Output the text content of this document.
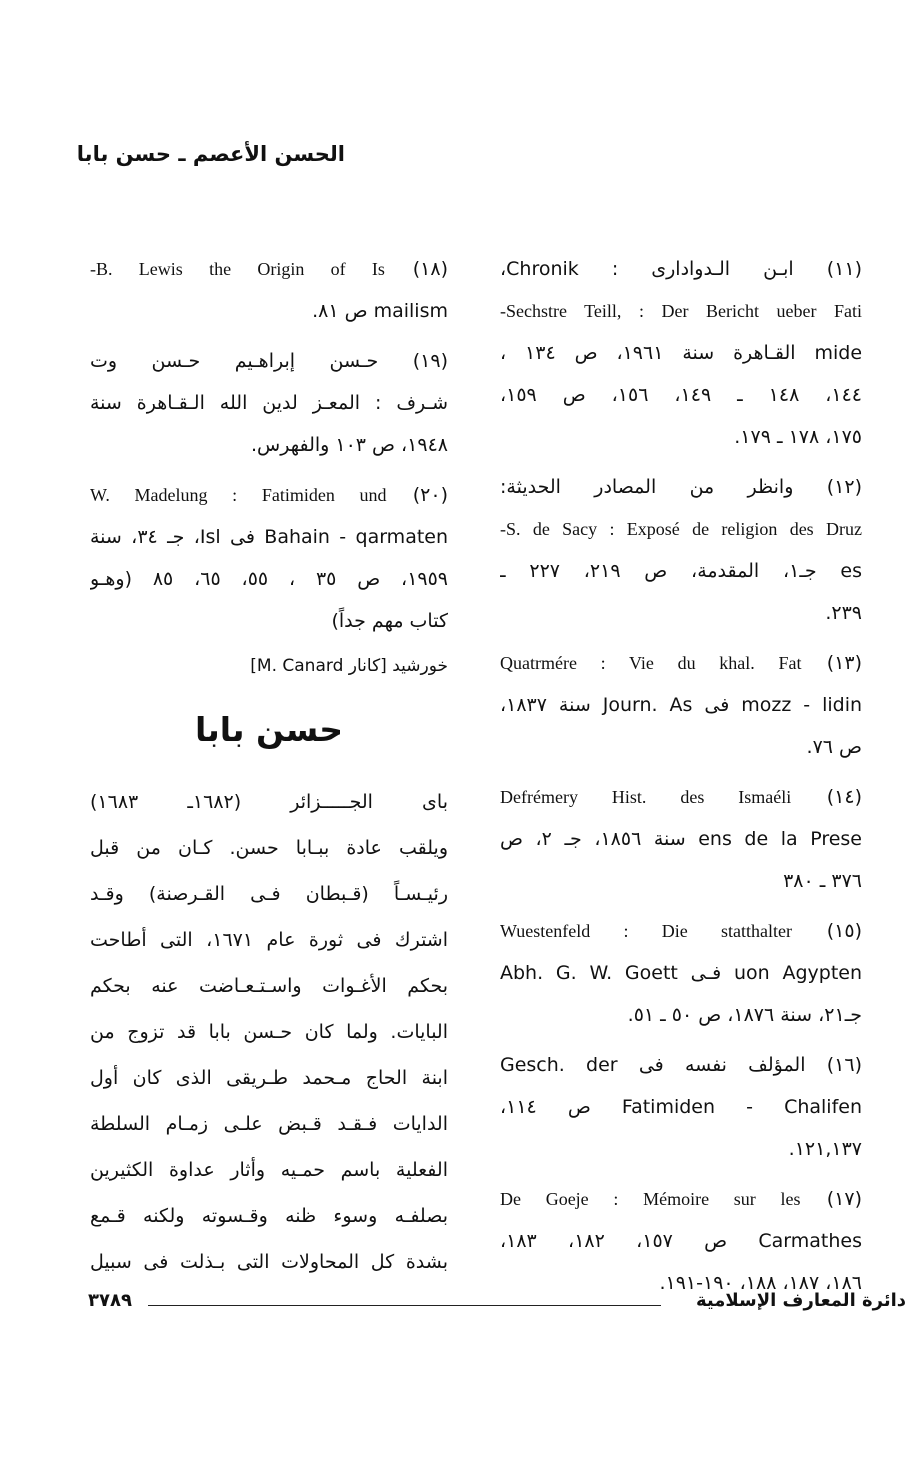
الحسن الأعصم ـ حسن بابا
(١١) ابـن الـدوادارى : Chronik،
Sechstre Teill, : Der Bericht ueber Fati-
mide القـاهرة سنة ١٩٦١، ص ١٣٤ ،
١٤٤، ١٤٨ ـ ١٤٩، ١٥٦، ص ١٥٩،
١٧٥، ١٧٨ ـ ١٧٩.
(١٢) وانظر من المصادر الحديثة:
S. de Sacy : Exposé de religion des Druz-
es جـ١، المقدمة، ص ٢١٩، ٢٢٧ ـ
٢٣٩.
(١٣) Quatrmére : Vie du khal. Fat
mozz - lidin فى Journ. As سنة ١٨٣٧،
ص ٧٦.
(١٤) Defrémery Hist. des Ismaéli
ens de la Prese سنة ١٨٥٦، جـ ٢، ص
٣٧٦ ـ ٣٨٠
(١٥) Wuestenfeld : Die statthalter
uon Agypten فـى Abh. G. W. Goett
جـ٢١، سنة ١٨٧٦، ص ٥٠ ـ ٥١.
(١٦) المؤلف نفسه فى Gesch. der
Fatimiden - Chalifen ص ١١٤،
١٢١,١٣٧.
(١٧) De Goeje : Mémoire sur les
Carmathes ص ١٥٧، ١٨٢، ١٨٣،
١٨٦، ١٨٧، ١٨٨، ١٩٠-١٩١.
(١٨) B. Lewis the Origin of Is-
mailism ص ٨١.
(١٩) حـسن إبراهـيم حـسن وت
شـرف : المعـز لدين الله الـقـاهرة سنة
١٩٤٨، ص ١٠٣ والفهرس.
(٢٠) W. Madelung : Fatimiden und
Bahain - qarmaten فى Isl، جـ ٣٤، سنة
١٩٥٩، ص ٣٥ ، ٥٥، ٦٥، ٨٥ (وهـو
كتاب مهم جداً)
خورشيد [كانار M. Canard]
حسن بابا
باى الجـــــزائر (١٦٨٢ـ ١٦٨٣)
ويلقب عادة ببـابا حسن. كـان من قبل
رئيـسـاً (قـبطان فـى القـرصنة) وقـد
اشترك فى ثورة عام ١٦٧١، التى أطاحت
بحكم الأغـوات واسـتـعـاضت عنه بحكم
البايات. ولما كان حـسن بابا قد تزوج من
ابنة الحاج مـحمد طـريقى الذى كان أول
الدايات فـقـد قـبض علـى زمـام السلطة
الفعلية باسم حمـيه وأثار عداوة الكثيرين
بصلفـه وسوء ظنه وقـسوته ولكنه قـمع
بشدة كل المحاولات التى بـذلت فى سبيل
٣٧٨٩	دائرة المعارف الإسلامية
